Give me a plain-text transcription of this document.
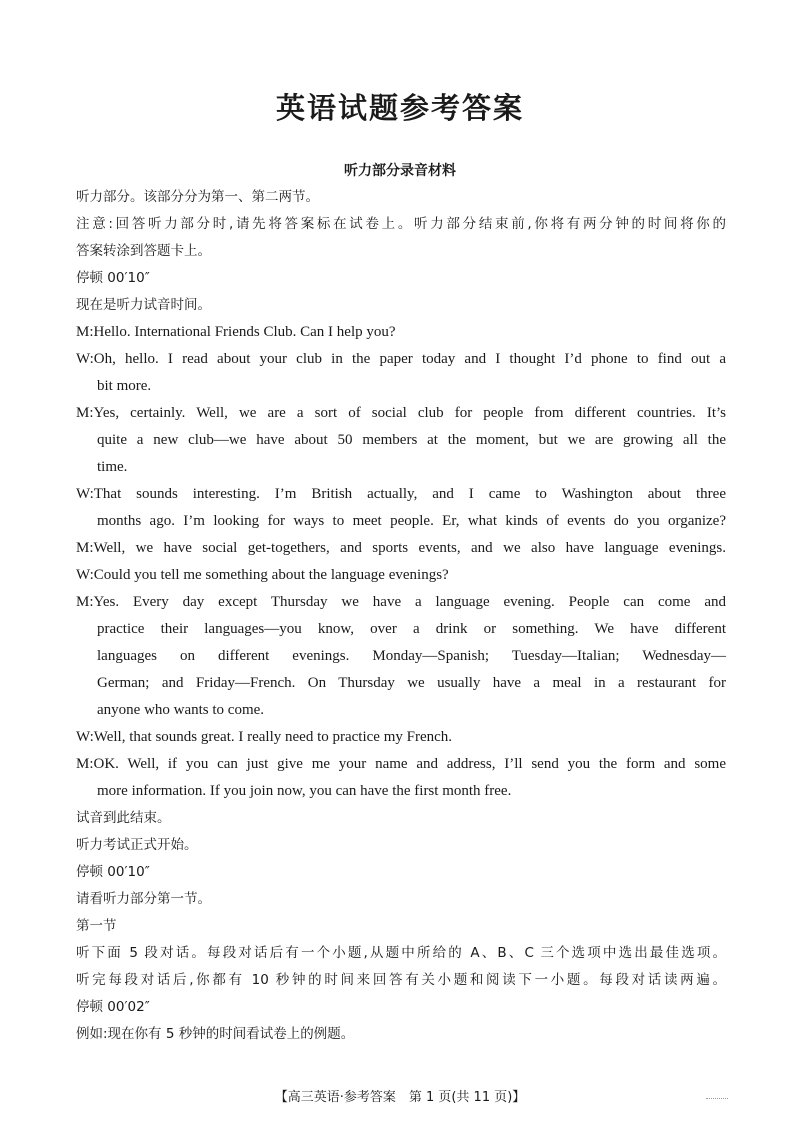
英语试题参考答案
听力部分录音材料
听力部分。该部分分为第一、第二两节。
注意:回答听力部分时,请先将答案标在试卷上。听力部分结束前,你将有两分钟的时间将你的
答案转涂到答题卡上。
停顿 00′10″
现在是听力试音时间。
M:Hello. International Friends Club. Can I help you?
W:Oh, hello. I read about your club in the paper today and I thought I’d phone to find out a
bit more.
M:Yes, certainly. Well, we are a sort of social club for people from different countries. It’s
quite a new club—we have about 50 members at the moment, but we are growing all the
time.
W:That sounds interesting. I’m British actually, and I came to Washington about three
months ago. I’m looking for ways to meet people. Er, what kinds of events do you organize?
M:Well, we have social get-togethers, and sports events, and we also have language evenings.
W:Could you tell me something about the language evenings?
M:Yes. Every day except Thursday we have a language evening. People can come and
practice their languages—you know, over a drink or something. We have different
languages on different evenings. Monday—Spanish; Tuesday—Italian; Wednesday—
German; and Friday—French. On Thursday we usually have a meal in a restaurant for
anyone who wants to come.
W:Well, that sounds great. I really need to practice my French.
M:OK. Well, if you can just give me your name and address, I’ll send you the form and some
more information. If you join now, you can have the first month free.
试音到此结束。
听力考试正式开始。
停顿 00′10″
请看听力部分第一节。
第一节
听下面 5 段对话。每段对话后有一个小题,从题中所给的 A、B、C 三个选项中选出最佳选项。
听完每段对话后,你都有 10 秒钟的时间来回答有关小题和阅读下一小题。每段对话读两遍。
停顿 00′02″
例如:现在你有 5 秒钟的时间看试卷上的例题。
【高三英语·参考答案　第 1 页(共 11 页)】
